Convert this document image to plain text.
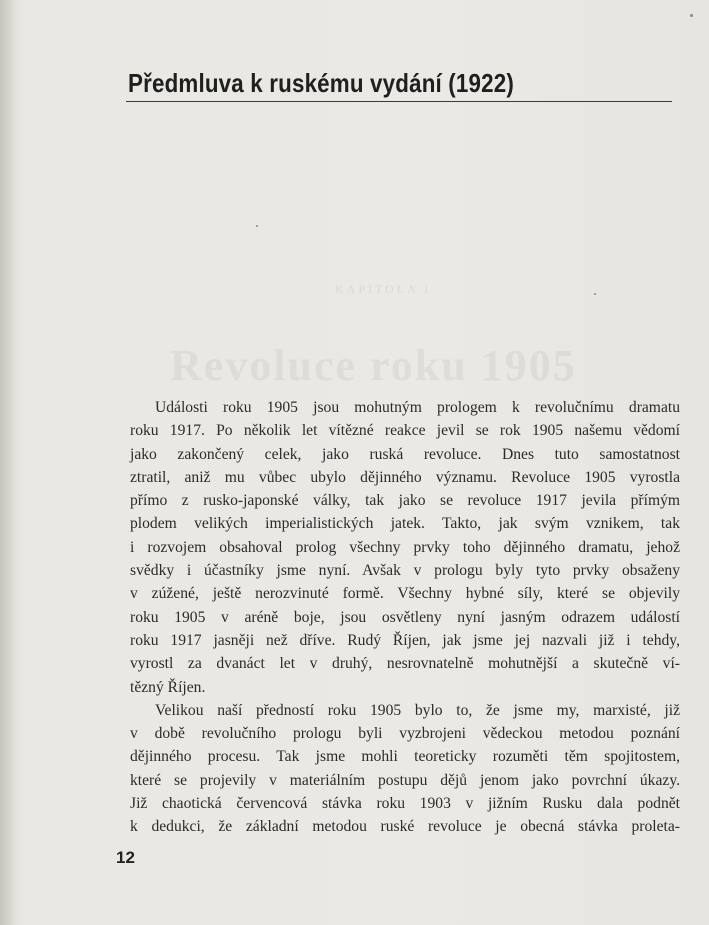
KAPITOLA I
Revoluce roku 1905
Předmluva k ruskému vydání (1922)
Události roku 1905 jsou mohutným prologem k revolučnímu dramatu
roku 1917. Po několik let vítězné reakce jevil se rok 1905 našemu vědomí
jako zakončený celek, jako ruská revoluce. Dnes tuto samostatnost
ztratil, aniž mu vůbec ubylo dějinného významu. Revoluce 1905 vyrostla
přímo z rusko-japonské války, tak jako se revoluce 1917 jevila přímým
plodem velikých imperialistických jatek. Takto, jak svým vznikem, tak
i rozvojem obsahoval prolog všechny prvky toho dějinného dramatu, jehož
svědky i účastníky jsme nyní. Avšak v prologu byly tyto prvky obsaženy
v zúžené, ještě nerozvinuté formě. Všechny hybné síly, které se objevily
roku 1905 v aréně boje, jsou osvětleny nyní jasným odrazem událostí
roku 1917 jasněji než dříve. Rudý Říjen, jak jsme jej nazvali již i tehdy,
vyrostl za dvanáct let v druhý, nesrovnatelně mohutnější a skutečně ví-
tězný Říjen.
Velikou naší předností roku 1905 bylo to, že jsme my, marxisté, již
v době revolučního prologu byli vyzbrojeni vědeckou metodou poznání
dějinného procesu. Tak jsme mohli teoreticky rozuměti těm spojitostem,
které se projevily v materiálním postupu dějů jenom jako povrchní úkazy.
Již chaotická červencová stávka roku 1903 v jižním Rusku dala podnět
k dedukci, že základní metodou ruské revoluce je obecná stávka proleta-
12
